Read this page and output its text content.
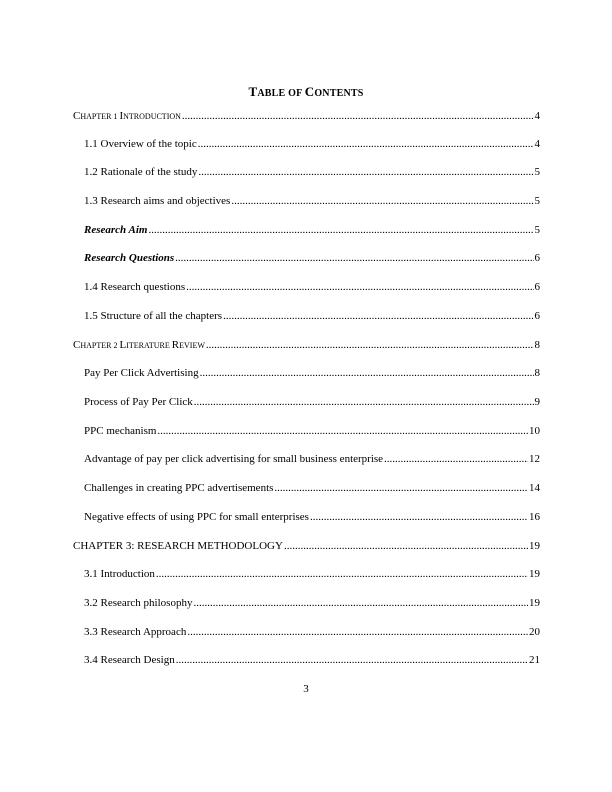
TABLE OF CONTENTS
CHAPTER 1 INTRODUCTION .....	4
1.1 Overview of the topic .....	4
1.2 Rationale of the study .....	5
1.3 Research aims and objectives .....	5
Research Aim .....	5
Research Questions .....	6
1.4 Research questions .....	6
1.5 Structure of all the chapters .....	6
CHAPTER 2 LITERATURE REVIEW .....	8
Pay Per Click Advertising .....	8
Process of Pay Per Click .....	9
PPC mechanism .....	10
Advantage of pay per click advertising for small business enterprise .....	12
Challenges in creating PPC advertisements .....	14
Negative effects of using PPC for small enterprises .....	16
CHAPTER 3: RESEARCH METHODOLOGY .....	19
3.1 Introduction .....	19
3.2 Research philosophy .....	19
3.3 Research Approach .....	20
3.4 Research Design .....	21
3
